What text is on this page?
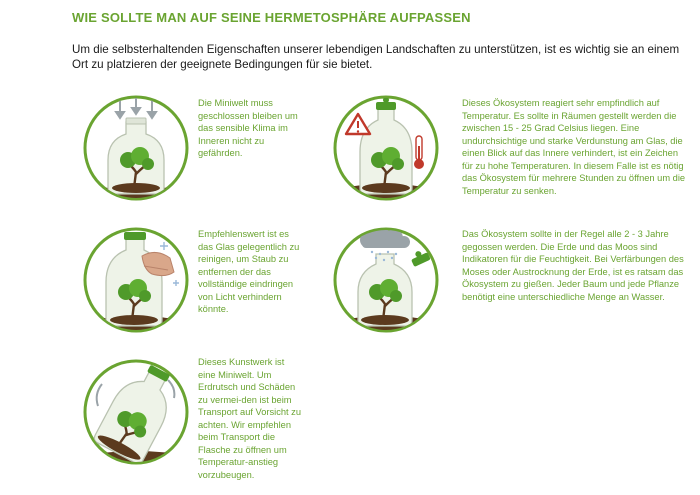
WIE SOLLTE MAN AUF SEINE HERMETOSPHÄRE AUFPASSEN
Um die selbsterhaltenden Eigenschaften unserer lebendigen Landschaften zu unterstützen, ist es wichtig sie an einem Ort zu platzieren der geeignete Bedingungen für sie bietet.
Die Miniwelt muss geschlossen bleiben um das sensible Klima im Inneren nicht zu gefährden.
Dieses Ökosystem reagiert sehr empfindlich auf Temperatur. Es sollte in Räumen gestellt werden die zwischen 15 - 25 Grad Celsius liegen. Eine undurchsichtige und starke Verdunstung am Glas, die einen Blick auf das Innere verhindert, ist ein Zeichen für zu hohe Temperaturen. In diesem Falle ist es nötig das Ökosystem für mehrere Stunden zu öffnen um die Temperatur zu senken.
Empfehlenswert ist es das Glas gelegentlich zu reinigen, um Staub zu entfernen der das vollständige eindringen von Licht verhindern könnte.
Das Ökosystem sollte in der Regel alle 2 - 3 Jahre gegossen werden. Die Erde und das Moos sind Indikatoren für die Feuchtigkeit. Bei Verfärbungen des Moses oder Austrocknung der Erde, ist es ratsam das Ökosystem zu gießen. Jeder Baum und jede Pflanze benötigt eine unterschiedliche Menge an Wasser.
Dieses Kunstwerk ist eine Miniwelt. Um Erdrutsch und Schäden zu vermei-den ist beim Transport auf Vorsicht zu achten. Wir empfehlen beim Transport die Flasche zu öffnen um Temperatur-anstieg vorzubeugen.
